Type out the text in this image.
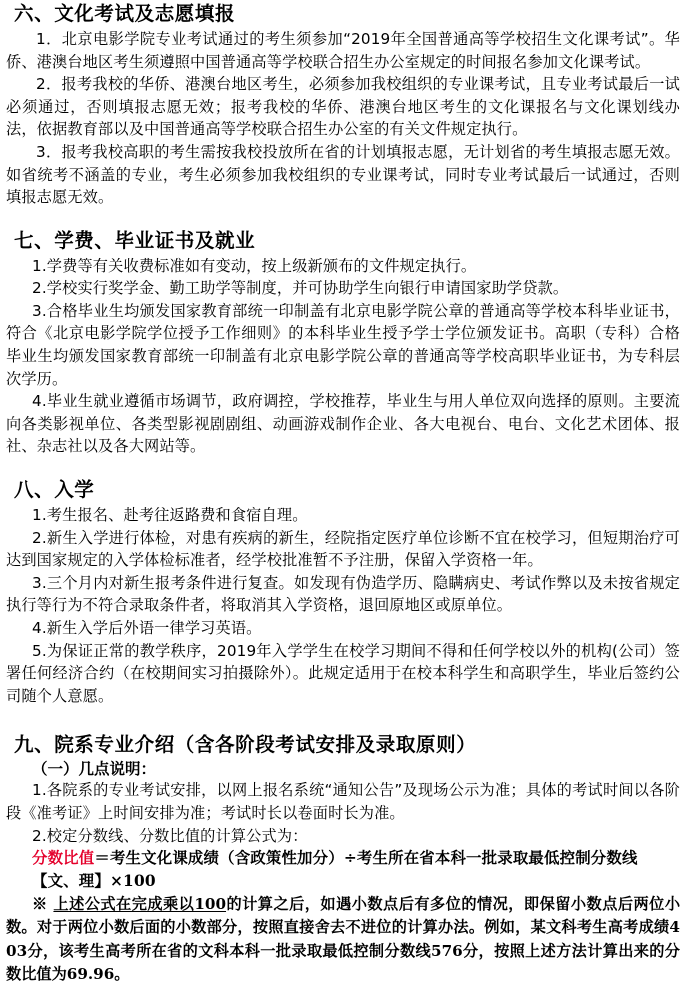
六、文化考试及志愿填报

1．北京电影学院专业考试通过的考生须参加“2019年全国普通高等学校招生文化课考试”。华侨、港澳台地区考生须遵照中国普通高等学校联合招生办公室规定的时间报名参加文化课考试。

2．报考我校的华侨、港澳台地区考生，必须参加我校组织的专业课考试，且专业考试最后一试必须通过，否则填报志愿无效；报考我校的华侨、港澳台地区考生的文化课报名与文化课划线办法，依据教育部以及中国普通高等学校联合招生办公室的有关文件规定执行。

3．报考我校高职的考生需按我校投放所在省的计划填报志愿，无计划省的考生填报志愿无效。如省统考不涵盖的专业，考生必须参加我校组织的专业课考试，同时专业考试最后一试通过，否则填报志愿无效。

七、学费、毕业证书及就业

1.学费等有关收费标准如有变动，按上级新颁布的文件规定执行。

2.学校实行奖学金、勤工助学等制度，并可协助学生向银行申请国家助学贷款。

3.合格毕业生均颁发国家教育部统一印制盖有北京电影学院公章的普通高等学校本科毕业证书，符合《北京电影学院学位授予工作细则》的本科毕业生授予学士学位颁发证书。高职（专科）合格毕业生均颁发国家教育部统一印制盖有北京电影学院公章的普通高等学校高职毕业证书，为专科层次学历。

4.毕业生就业遵循市场调节，政府调控，学校推荐，毕业生与用人单位双向选择的原则。主要流向各类影视单位、各类型影视剧剧组、动画游戏制作企业、各大电视台、电台、文化艺术团体、报社、杂志社以及各大网站等。

八、入学

1.考生报名、赴考往返路费和食宿自理。

2.新生入学进行体检，对患有疾病的新生，经院指定医疗单位诊断不宜在校学习，但短期治疗可达到国家规定的入学体检标准者，经学校批准暂不予注册，保留入学资格一年。

3.三个月内对新生报考条件进行复查。如发现有伪造学历、隐瞒病史、考试作弊以及未按省规定执行等行为不符合录取条件者，将取消其入学资格，退回原地区或原单位。

4.新生入学后外语一律学习英语。

5.为保证正常的教学秩序，2019年入学学生在校学习期间不得和任何学校以外的机构(公司）签署任何经济合约（在校期间实习拍摄除外）。此规定适用于在校本科学生和高职学生，毕业后签约公司随个人意愿。

九、院系专业介绍（含各阶段考试安排及录取原则）
（一）几点说明：

1.各院系的专业考试安排，以网上报名系统“通知公告”及现场公示为准；具体的考试时间以各阶段《准考证》上时间安排为准；考试时长以卷面时长为准。

2.校定分数线、分数比值的计算公式为：

分数比值＝考生文化课成绩（含政策性加分）÷考生所在省本科一批录取最低控制分数线

【文、理】×100

※ 上述公式在完成乘以100的计算之后，如遇小数点后有多位的情况，即保留小数点后两位小数。对于两位小数后面的小数部分，按照直接舍去不进位的计算办法。例如，某文科考生高考成绩403分，该考生高考所在省的文科本科一批录取最低控制分数线576分，按照上述方法计算出来的分数比值为69.96。
